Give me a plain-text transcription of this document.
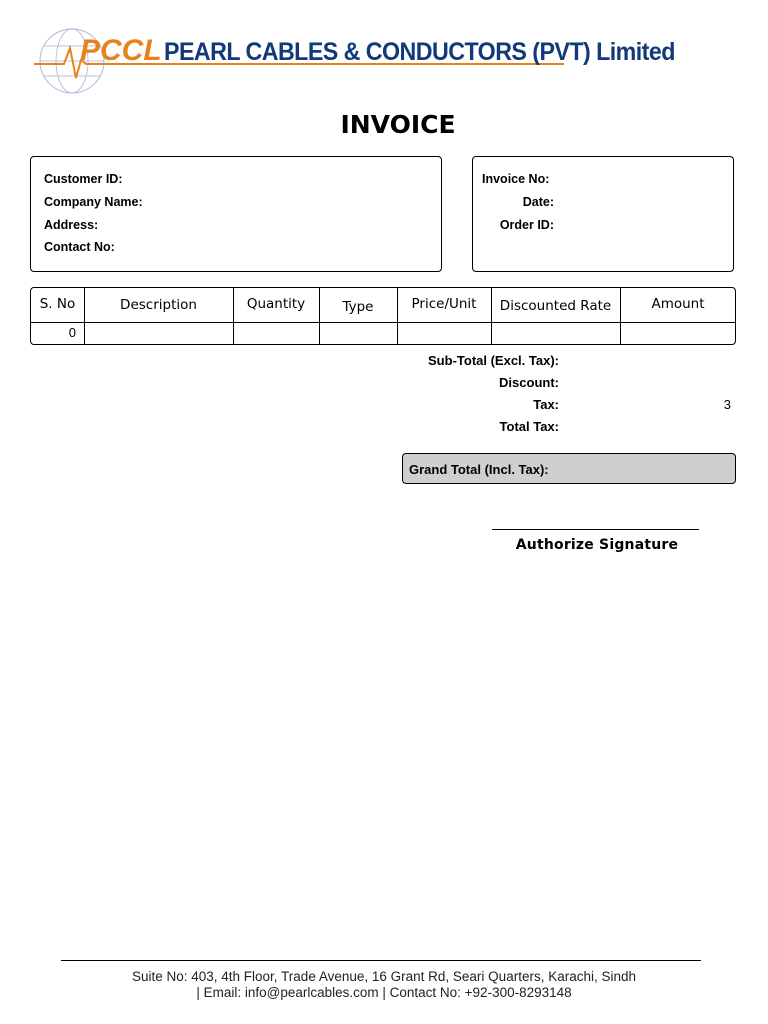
PCCL PEARL CABLES & CONDUCTORS (PVT) Limited
INVOICE
Customer ID:
Company Name:
Address:
Contact No:
Invoice No:
Date:
Order ID:
S. No	Description	Quantity	Type	Price/Unit	Discounted Rate	Amount
0
Sub-Total (Excl. Tax):
Discount:
Tax:	3
Total Tax:
Grand Total (Incl. Tax):
Authorize Signature
Suite No: 403, 4th Floor, Trade Avenue, 16 Grant Rd, Seari Quarters, Karachi, Sindh
| Email: info@pearlcables.com | Contact No: +92-300-8293148
